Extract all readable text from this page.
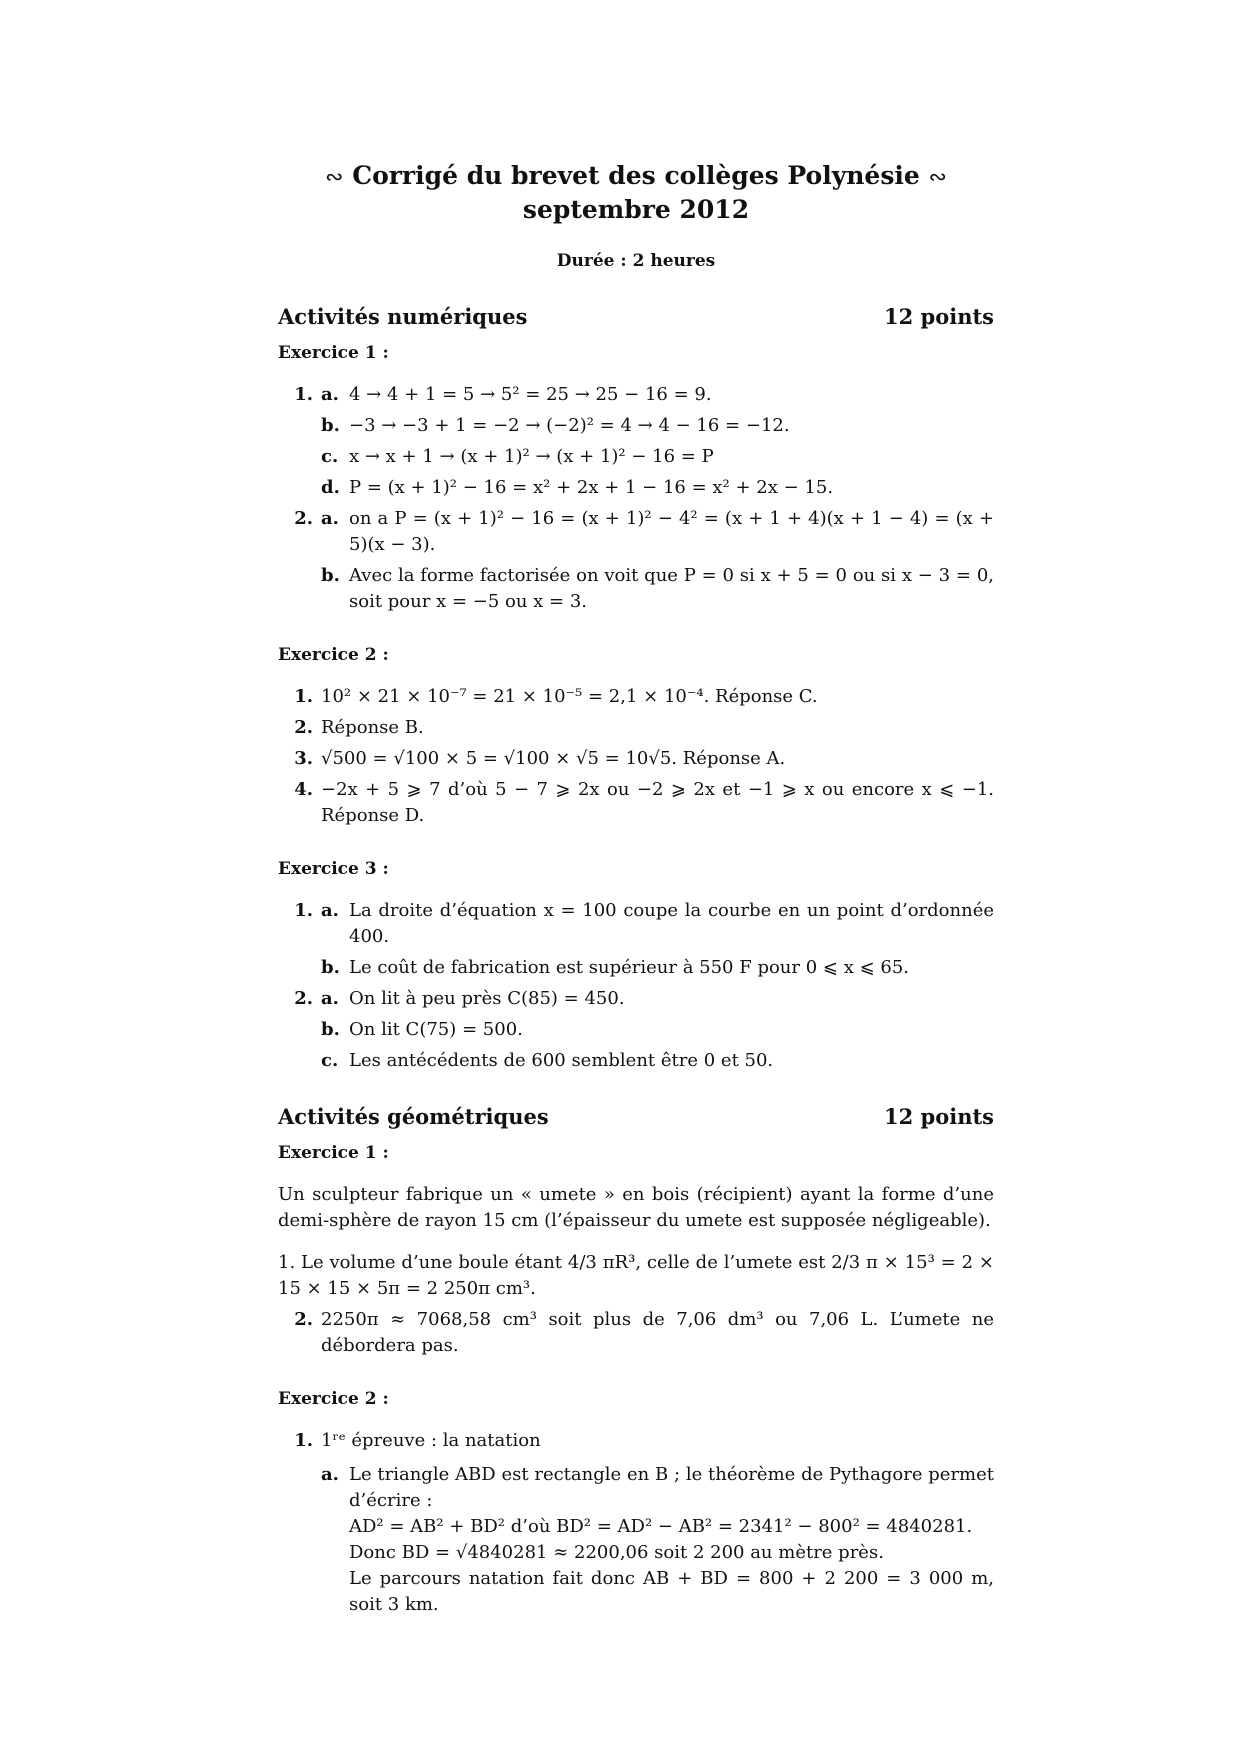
∾ Corrigé du brevet des collèges Polynésie ∾
septembre 2012
Durée : 2 heures
Activités numériques	12 points
Exercice 1 :
1. a. 4 → 4 + 1 = 5 → 5² = 25 → 25 − 16 = 9.
b. −3 → −3 + 1 = −2 → (−2)² = 4 → 4 − 16 = −12.
c. x → x + 1 → (x + 1)² → (x + 1)² − 16 = P
d. P = (x + 1)² − 16 = x² + 2x + 1 − 16 = x² + 2x − 15.
2. a. on a P = (x + 1)² − 16 = (x + 1)² − 4² = (x + 1 + 4)(x + 1 − 4) = (x + 5)(x − 3).
b. Avec la forme factorisée on voit que P = 0 si x + 5 = 0 ou si x − 3 = 0, soit pour x = −5 ou x = 3.
Exercice 2 :
1. 10² × 21 × 10⁻⁷ = 21 × 10⁻⁵ = 2,1 × 10⁻⁴. Réponse C.
2. Réponse B.
3. √500 = √100 × 5 = √100 × √5 = 10√5. Réponse A.
4. −2x + 5 ⩾ 7 d’où 5 − 7 ⩾ 2x ou −2 ⩾ 2x et −1 ⩾ x ou encore x ⩽ −1. Réponse D.
Exercice 3 :
1. a. La droite d’équation x = 100 coupe la courbe en un point d’ordonnée 400.
b. Le coût de fabrication est supérieur à 550 F pour 0 ⩽ x ⩽ 65.
2. a. On lit à peu près C(85) = 450.
b. On lit C(75) = 500.
c. Les antécédents de 600 semblent être 0 et 50.
Activités géométriques	12 points
Exercice 1 :
Un sculpteur fabrique un « umete » en bois (récipient) ayant la forme d’une demi-sphère de rayon 15 cm (l’épaisseur du umete est supposée négligeable).
1. Le volume d’une boule étant 4/3 πR³, celle de l’umete est 2/3 π × 15³ = 2 × 15 × 15 × 5π = 2 250π cm³.
2. 2250π ≈ 7068,58 cm³ soit plus de 7,06 dm³ ou 7,06 L. L’umete ne débordera pas.
Exercice 2 :
1. 1ʳᵉ épreuve : la natation
a. Le triangle ABD est rectangle en B ; le théorème de Pythagore permet d’écrire :
AD² = AB² + BD² d’où BD² = AD² − AB² = 2341² − 800² = 4840281.
Donc BD = √4840281 ≈ 2200,06 soit 2 200 au mètre près.
Le parcours natation fait donc AB + BD = 800 + 2 200 = 3 000 m, soit 3 km.
